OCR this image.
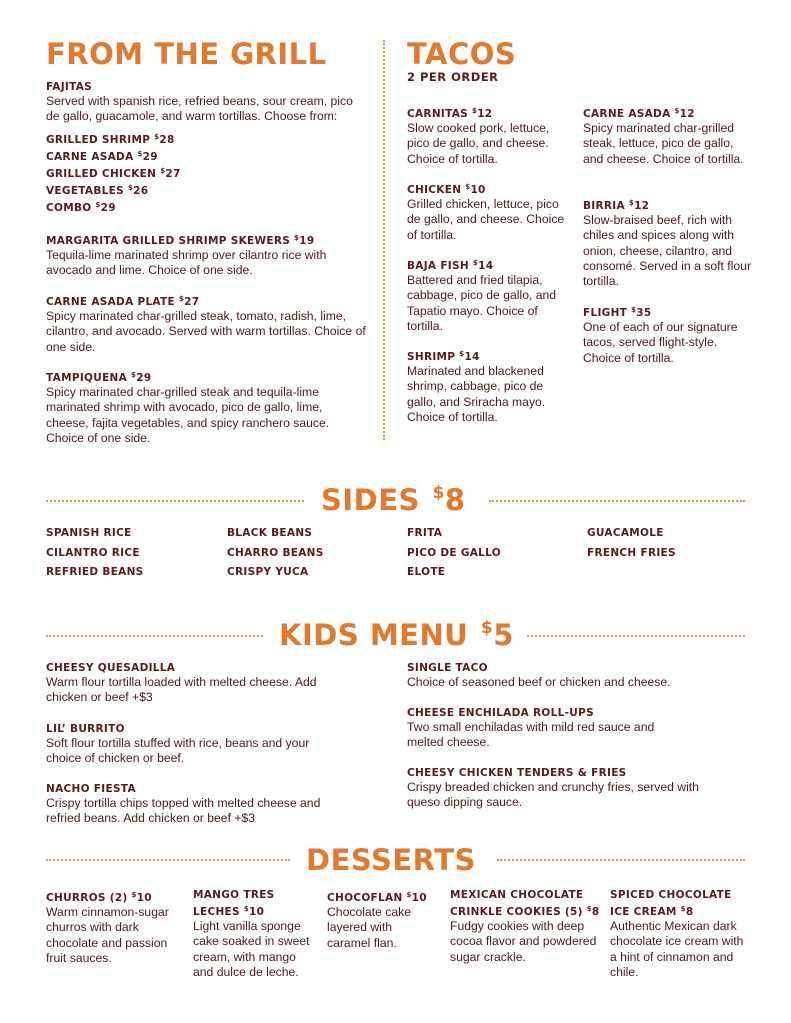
FROM THE GRILL
FAJITAS
Served with spanish rice, refried beans, sour cream, pico de gallo, guacamole, and warm tortillas. Choose from:
GRILLED SHRIMP $28
CARNE ASADA $29
GRILLED CHICKEN $27
VEGETABLES $26
COMBO $29
MARGARITA GRILLED SHRIMP SKEWERS $19
Tequila-lime marinated shrimp over cilantro rice with avocado and lime. Choice of one side.
CARNE ASADA PLATE $27
Spicy marinated char-grilled steak, tomato, radish, lime, cilantro, and avocado. Served with warm tortillas. Choice of one side.
TAMPIQUENA $29
Spicy marinated char-grilled steak and tequila-lime marinated shrimp with avocado, pico de gallo, lime, cheese, fajita vegetables, and spicy ranchero sauce. Choice of one side.
TACOS
2 PER ORDER
CARNITAS $12
Slow cooked pork, lettuce, pico de gallo, and cheese. Choice of tortilla.
CHICKEN $10
Grilled chicken, lettuce, pico de gallo, and cheese. Choice of tortilla.
BAJA FISH $14
Battered and fried tilapia, cabbage, pico de gallo, and Tapatio mayo. Choice of tortilla.
SHRIMP $14
Marinated and blackened shrimp, cabbage, pico de gallo, and Sriracha mayo. Choice of tortilla.
CARNE ASADA $12
Spicy marinated char-grilled steak, lettuce, pico de gallo, and cheese. Choice of tortilla.
BIRRIA $12
Slow-braised beef, rich with chiles and spices along with onion, cheese, cilantro, and consomé. Served in a soft flour tortilla.
FLIGHT $35
One of each of our signature tacos, served flight-style. Choice of tortilla.
SIDES $8
SPANISH RICE
CILANTRO RICE
REFRIED BEANS
BLACK BEANS
CHARRO BEANS
CRISPY YUCA
FRITA
PICO DE GALLO
ELOTE
GUACAMOLE
FRENCH FRIES
KIDS MENU $5
CHEESY QUESADILLA
Warm flour tortilla loaded with melted cheese. Add chicken or beef +$3
LIL’ BURRITO
Soft flour tortilla stuffed with rice, beans and your choice of chicken or beef.
NACHO FIESTA
Crispy tortilla chips topped with melted cheese and refried beans. Add chicken or beef +$3
SINGLE TACO
Choice of seasoned beef or chicken and cheese.
CHEESE ENCHILADA ROLL-UPS
Two small enchiladas with mild red sauce and melted cheese.
CHEESY CHICKEN TENDERS & FRIES
Crispy breaded chicken and crunchy fries, served with queso dipping sauce.
DESSERTS
CHURROS (2) $10
Warm cinnamon-sugar churros with dark chocolate and passion fruit sauces.
MANGO TRES LECHES $10
Light vanilla sponge cake soaked in sweet cream, with mango and dulce de leche.
CHOCOFLAN $10
Chocolate cake layered with caramel flan.
MEXICAN CHOCOLATE CRINKLE COOKIES (5) $8
Fudgy cookies with deep cocoa flavor and powdered sugar crackle.
SPICED CHOCOLATE ICE CREAM $8
Authentic Mexican dark chocolate ice cream with a hint of cinnamon and chile.
